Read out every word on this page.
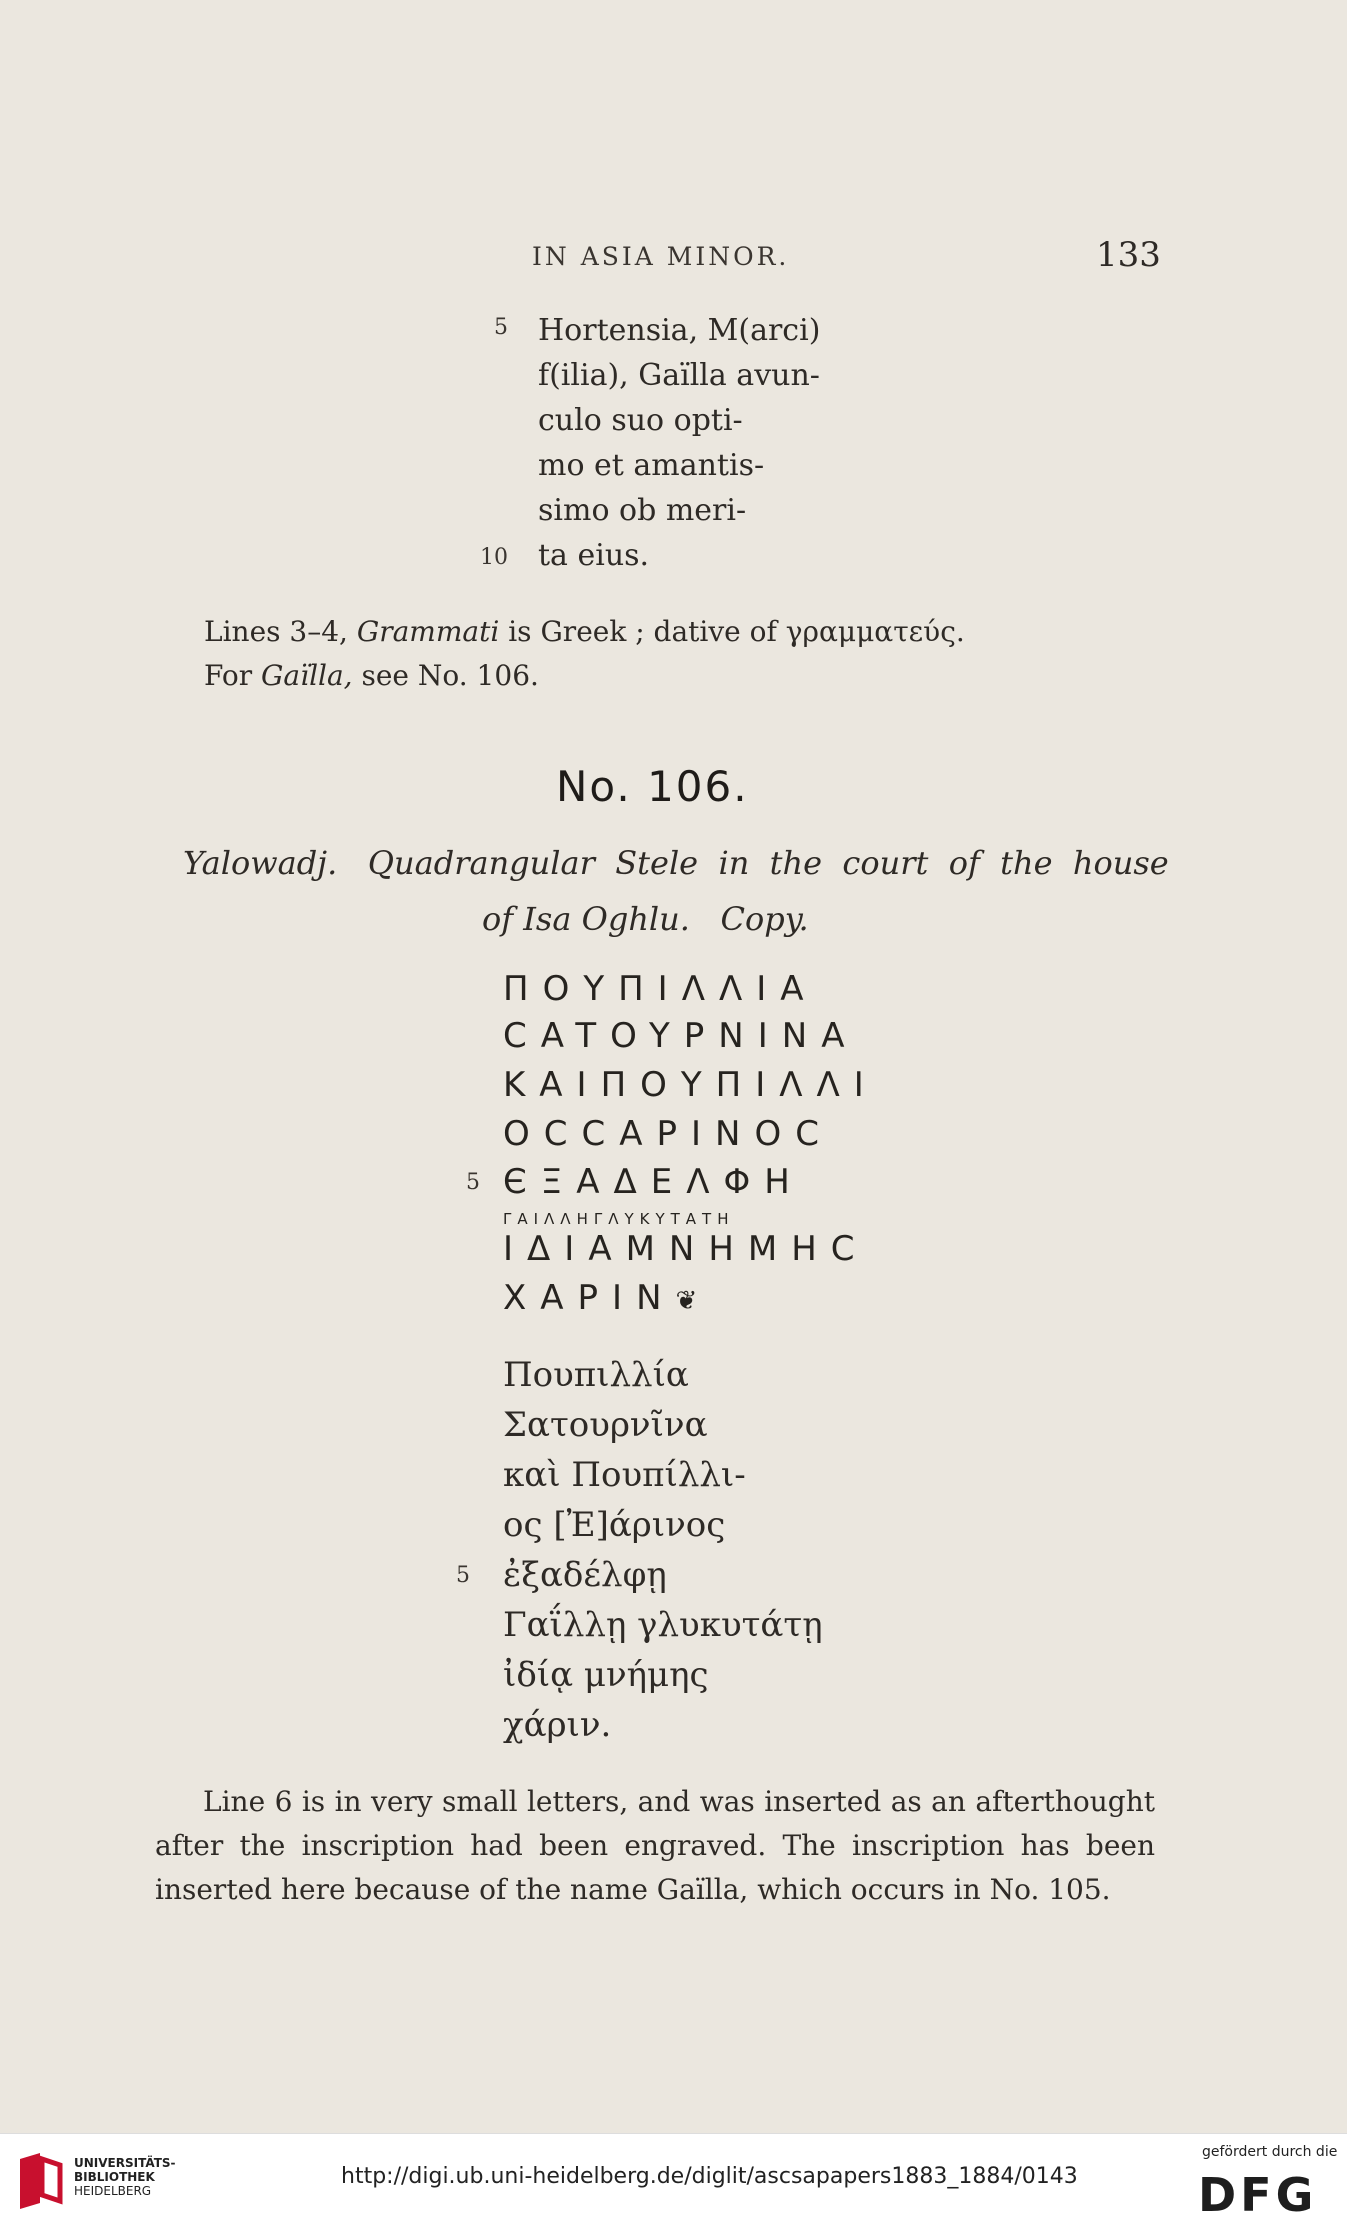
IN ASIA MINOR.	133
5
10
Hortensia, M(arci)
f(ilia), Gaïlla avun-
culo suo opti-
mo et amantis-
simo ob meri-
ta eius.
Lines 3–4, Grammati is Greek ; dative of γραμματεύς.
For Gaïlla, see No. 106.
No. 106.
Yalowadj.   Quadrangular  Stele  in  the  court  of  the  house
of Isa Oghlu.   Copy.
ΠΟΥΠΙΛΛΙΑ
CATOYPNINA
ΚΑΙΠΟΥΠΙΛΛΙ
OCCAPINOC
5 ЄΞΑΔΕΛΦΗ
ΓΑΙΛΛΗΓΛΥΚΥΤΑΤΗ
ΙΔΙΑΜΝΗΜΗC
ΧΑΡΙΝ❦
Πουπιλλία
Σατουρνῖνα
καὶ Πουπίλλι-
ος [Ἐ]άρινος
5 ἐξαδέλφῃ
Γαΐλλῃ γλυκυτάτῃ
ἰδίᾳ μνήμης
χάριν.
Line 6 is in very small letters, and was inserted as an afterthought after the inscription had been engraved. The inscription has been inserted here because of the name Gaïlla, which occurs in No. 105.
UNIVERSITÄTS-
BIBLIOTHEK
HEIDELBERG
http://digi.ub.uni-heidelberg.de/diglit/ascsapapers1883_1884/0143
gefördert durch die
DFG
